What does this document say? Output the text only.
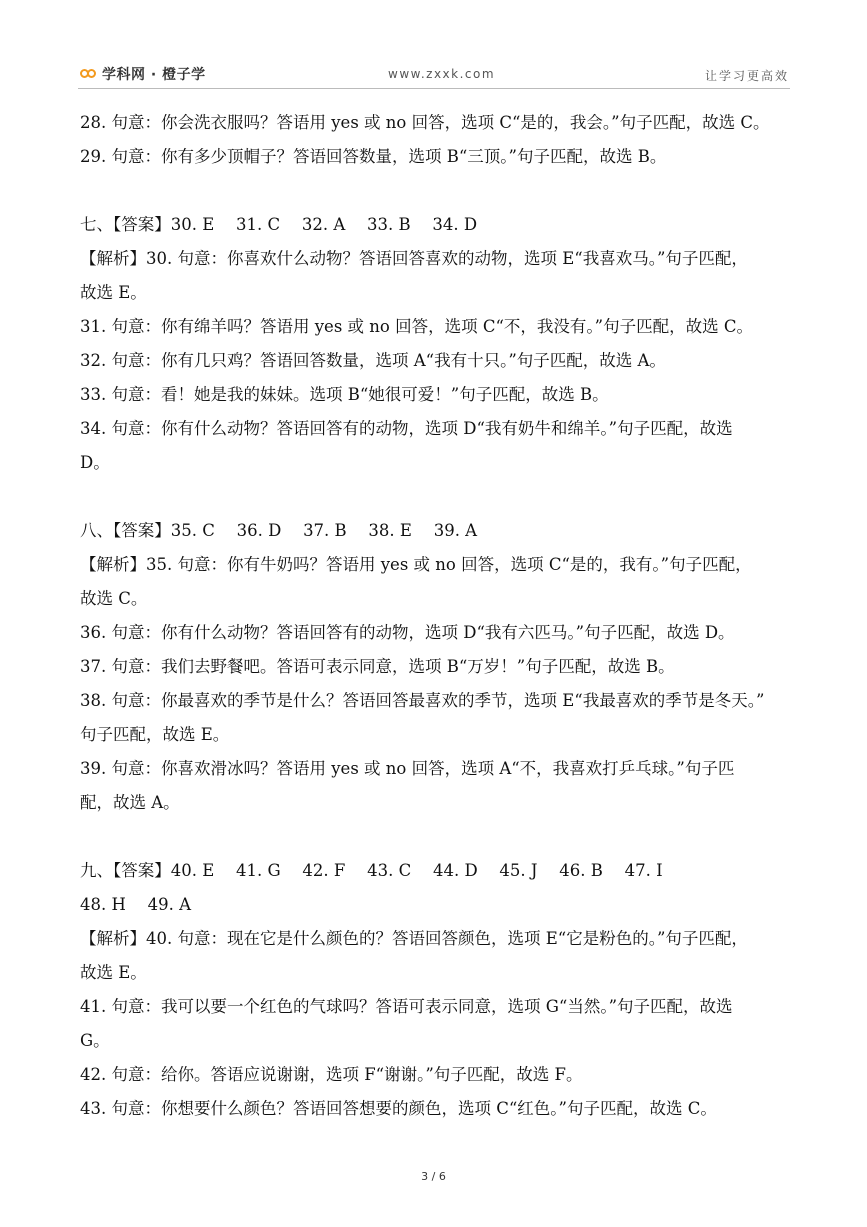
学科网 · 橙子学	www.zxxk.com	让学习更高效
28. 句意：你会洗衣服吗？答语用 yes 或 no 回答，选项 C“是的，我会。”句子匹配，故选 C。
29. 句意：你有多少顶帽子？答语回答数量，选项 B“三顶。”句子匹配，故选 B。
七、【答案】30. E　 31. C　 32. A　 33. B　 34. D
【解析】30. 句意：你喜欢什么动物？答语回答喜欢的动物，选项 E“我喜欢马。”句子匹配，
故选 E。
31. 句意：你有绵羊吗？答语用 yes 或 no 回答，选项 C“不，我没有。”句子匹配，故选 C。
32. 句意：你有几只鸡？答语回答数量，选项 A“我有十只。”句子匹配，故选 A。
33. 句意：看！她是我的妹妹。选项 B“她很可爱！”句子匹配，故选 B。
34. 句意：你有什么动物？答语回答有的动物，选项 D“我有奶牛和绵羊。”句子匹配，故选
D。
八、【答案】35. C　 36. D　 37. B　 38. E　 39. A
【解析】35. 句意：你有牛奶吗？答语用 yes 或 no 回答，选项 C“是的，我有。”句子匹配，
故选 C。
36. 句意：你有什么动物？答语回答有的动物，选项 D“我有六匹马。”句子匹配，故选 D。
37. 句意：我们去野餐吧。答语可表示同意，选项 B“万岁！”句子匹配，故选 B。
38. 句意：你最喜欢的季节是什么？答语回答最喜欢的季节，选项 E“我最喜欢的季节是冬天。”
句子匹配，故选 E。
39. 句意：你喜欢滑冰吗？答语用 yes 或 no 回答，选项 A“不，我喜欢打乒乓球。”句子匹
配，故选 A。
九、【答案】40. E　 41. G　 42. F　 43. C　 44. D　 45. J　 46. B　 47. I
48. H　 49. A
【解析】40. 句意：现在它是什么颜色的？答语回答颜色，选项 E“它是粉色的。”句子匹配，
故选 E。
41. 句意：我可以要一个红色的气球吗？答语可表示同意，选项 G“当然。”句子匹配，故选
G。
42. 句意：给你。答语应说谢谢，选项 F“谢谢。”句子匹配，故选 F。
43. 句意：你想要什么颜色？答语回答想要的颜色，选项 C“红色。”句子匹配，故选 C。
3 / 6
